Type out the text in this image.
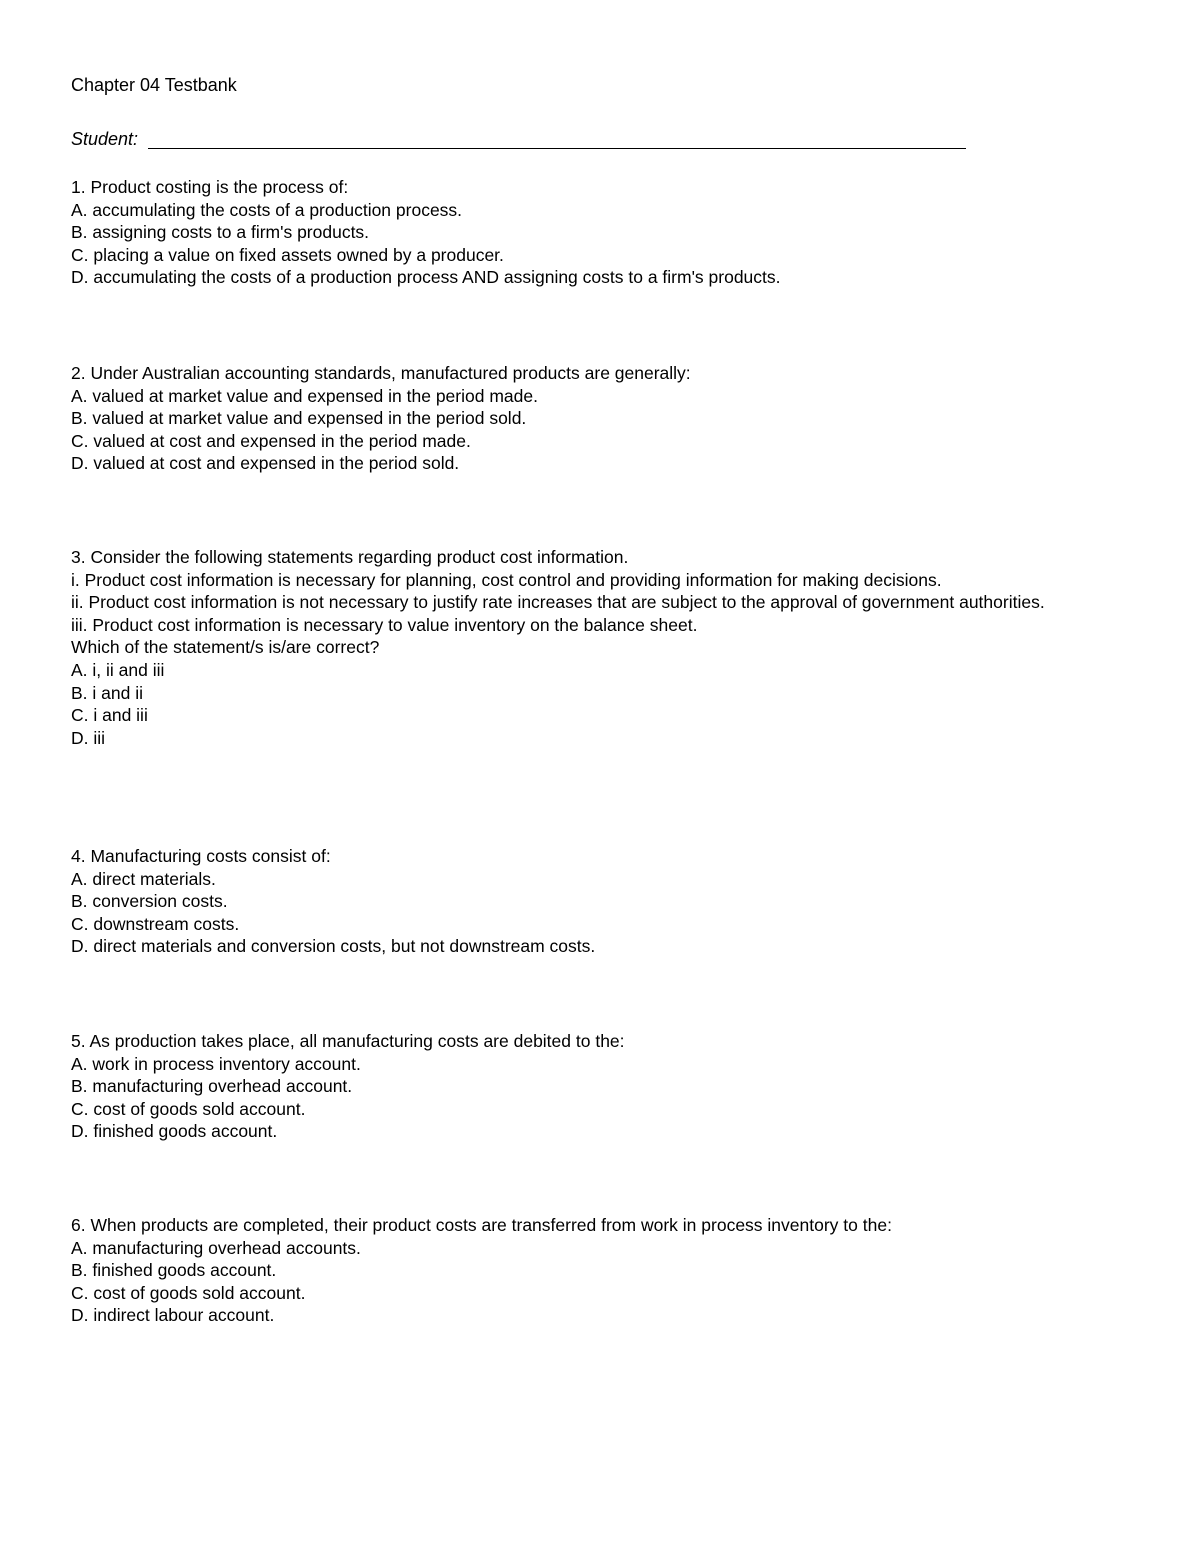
Chapter 04 Testbank
Student:
1. Product costing is the process of:
A. accumulating the costs of a production process.
B. assigning costs to a firm's products.
C. placing a value on fixed assets owned by a producer.
D. accumulating the costs of a production process AND assigning costs to a firm's products.
2. Under Australian accounting standards, manufactured products are generally:
A. valued at market value and expensed in the period made.
B. valued at market value and expensed in the period sold.
C. valued at cost and expensed in the period made.
D. valued at cost and expensed in the period sold.
3. Consider the following statements regarding product cost information.
i. Product cost information is necessary for planning, cost control and providing information for making decisions.
ii. Product cost information is not necessary to justify rate increases that are subject to the approval of government authorities.
iii. Product cost information is necessary to value inventory on the balance sheet.
Which of the statement/s is/are correct?
A. i, ii and iii
B. i and ii
C. i and iii
D. iii
4. Manufacturing costs consist of:
A. direct materials.
B. conversion costs.
C. downstream costs.
D. direct materials and conversion costs, but not downstream costs.
5. As production takes place, all manufacturing costs are debited to the:
A. work in process inventory account.
B. manufacturing overhead account.
C. cost of goods sold account.
D. finished goods account.
6. When products are completed, their product costs are transferred from work in process inventory to the:
A. manufacturing overhead accounts.
B. finished goods account.
C. cost of goods sold account.
D. indirect labour account.
